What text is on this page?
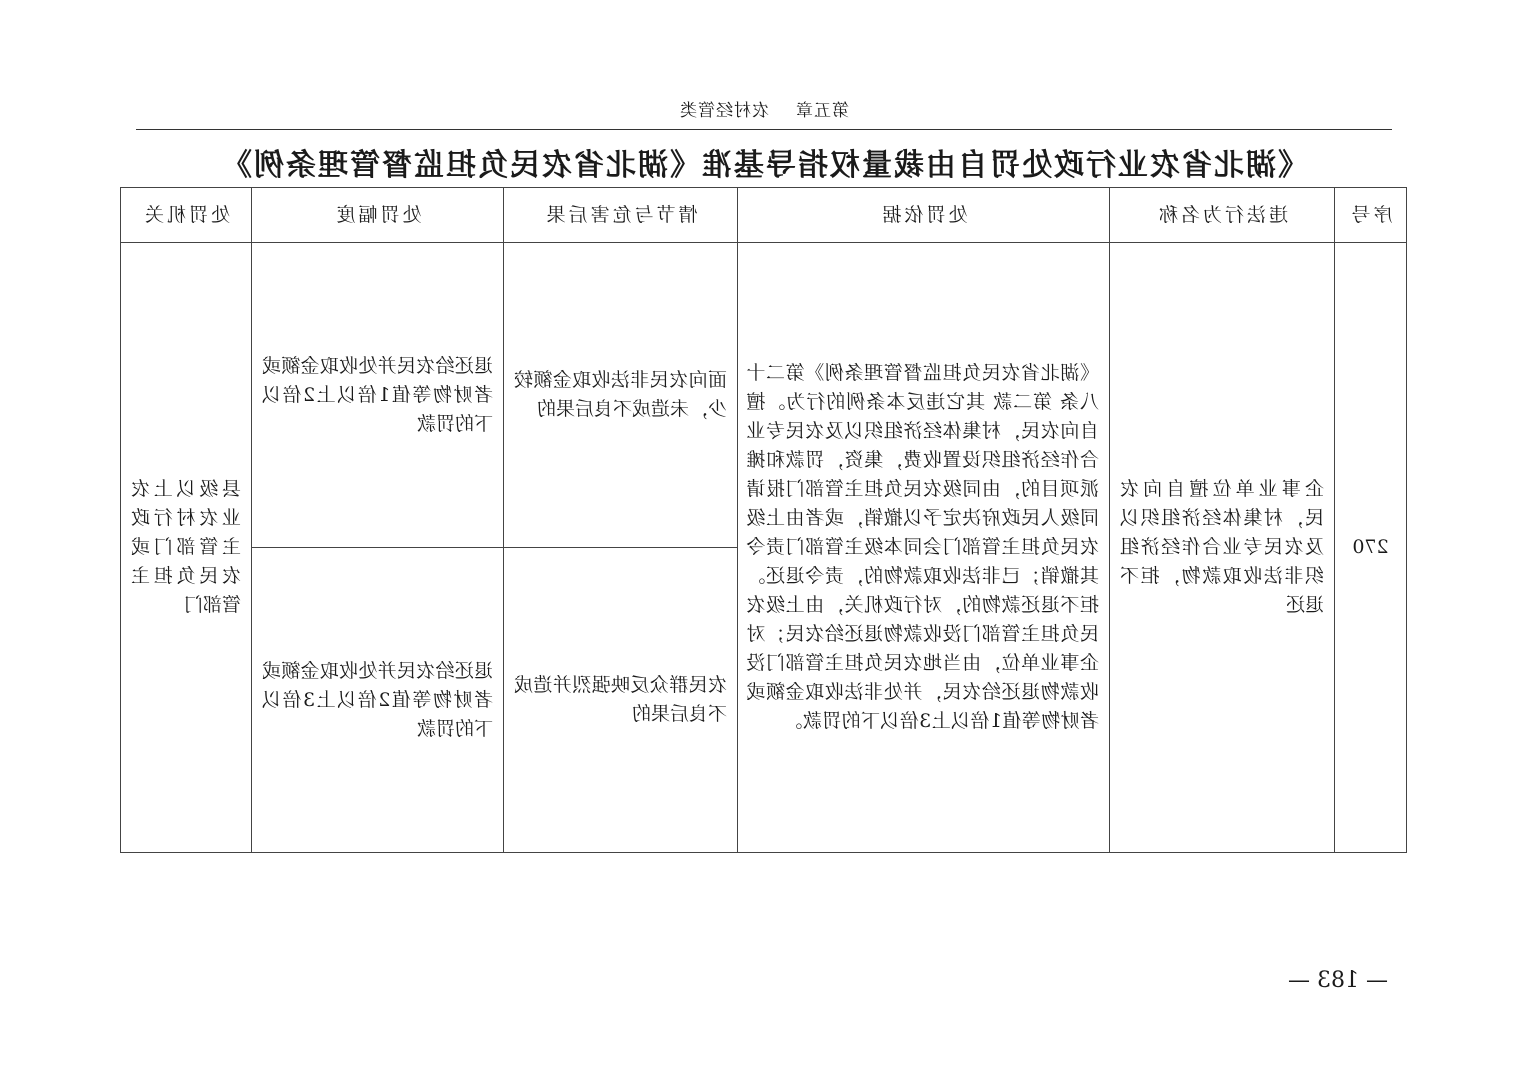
第五章农村经管类
《湖北省农业行政处罚自由裁量权指导基准《湖北省农民负担监督管理条例》
序号	违法行为名称	处罚依据	情节与危害后果	处罚幅度	处罚机关

270	企事业单位擅自向农民，村集体经济组织以及农民专业合作经济组织非法收取款物，拒不退还	《湖北省农民负担监督管理条例》第二十八条 第二款 其它违反本条例的行为。擅自向农民，村集体经济组织以及农民专业合作经济组织设置收费，集资，罚款和摊派项目的，由同级农民负担主管部门报请同级人民政府决定予以撤销，或者由上级农民负担主管部门会同本级主管部门责令其撤销；已非法收取款物的，责令退还。拒不退还款物的，对行政机关，由上级农民负担主管部门没收款物退还给农民；对企事业单位，由当地农民负担主管部门没收款物退还给农民，并处非法收取金额或者财物等值1倍以上3倍以下的罚款。	面向农民非法收取金额较少，未造成不良后果的	退还给农民并处收取金额或者财物等值1倍以上2倍以下的罚款	县级以上农业农村行政主管部门或农民负担主管部门

			农民群众反映强烈并造成不良后果的	退还给农民并处收取金额或者财物等值2倍以上3倍以下的罚款	
— 183 —
